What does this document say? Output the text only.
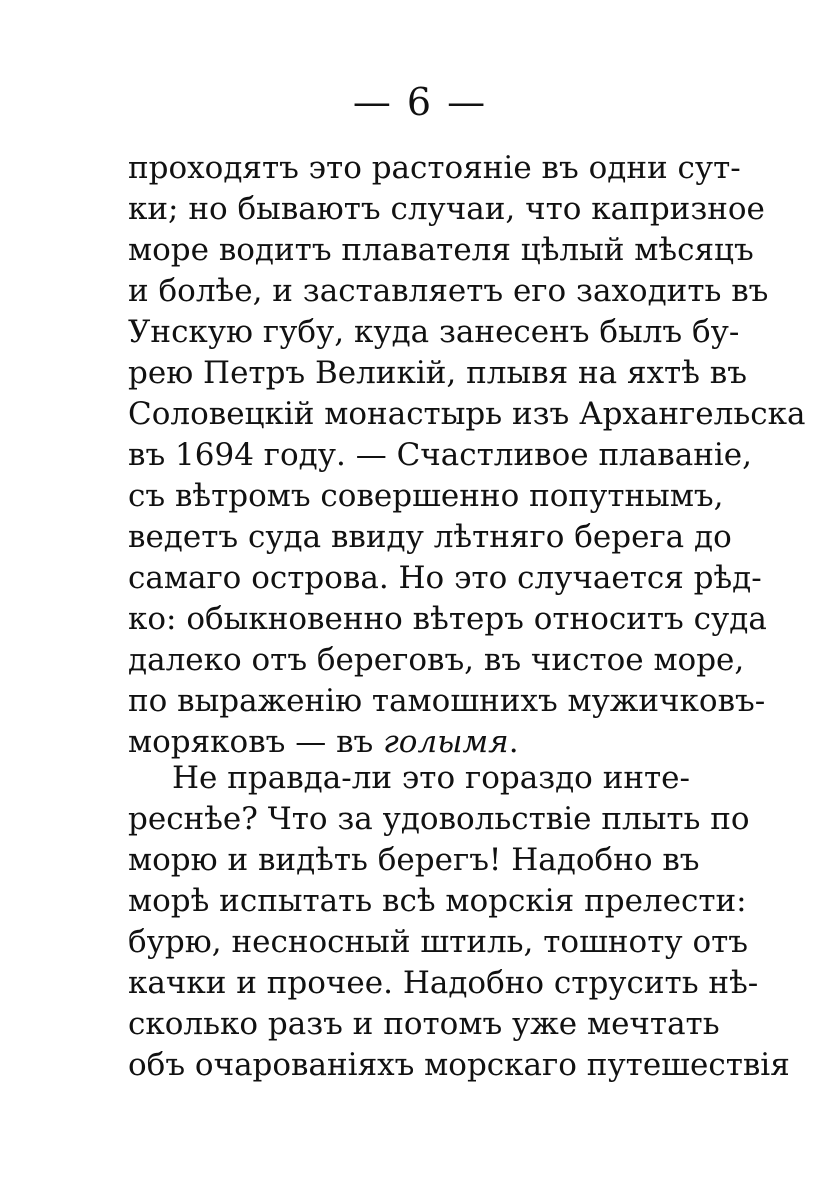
— 6 —
проходятъ это растояніе въ одни сут-
ки; но бываютъ случаи, что капризное
море водитъ плавателя цѣлый мѣсяцъ
и болѣе, и заставляетъ его заходить въ
Унскую губу, куда занесенъ былъ бу-
рею Петръ Великій, плывя на яхтѣ въ
Соловецкій монастырь изъ Архангельска
въ 1694 году. — Счастливое плаваніе,
съ вѣтромъ совершенно попутнымъ,
ведетъ суда ввиду лѣтняго берега до
самаго острова. Но это случается рѣд-
ко: обыкновенно вѣтеръ относитъ суда
далеко отъ береговъ, въ чистое море,
по выраженію тамошнихъ мужичковъ-
моряковъ — въ голымя.
Не правда-ли это гораздо инте-
реснѣе? Что за удовольствіе плыть по
морю и видѣть берегъ! Надобно въ
морѣ испытать всѣ морскія прелести:
бурю, несносный штиль, тошноту отъ
качки и прочее. Надобно струсить нѣ-
сколько разъ и потомъ уже мечтать
объ очарованіяхъ морскаго путешествія
